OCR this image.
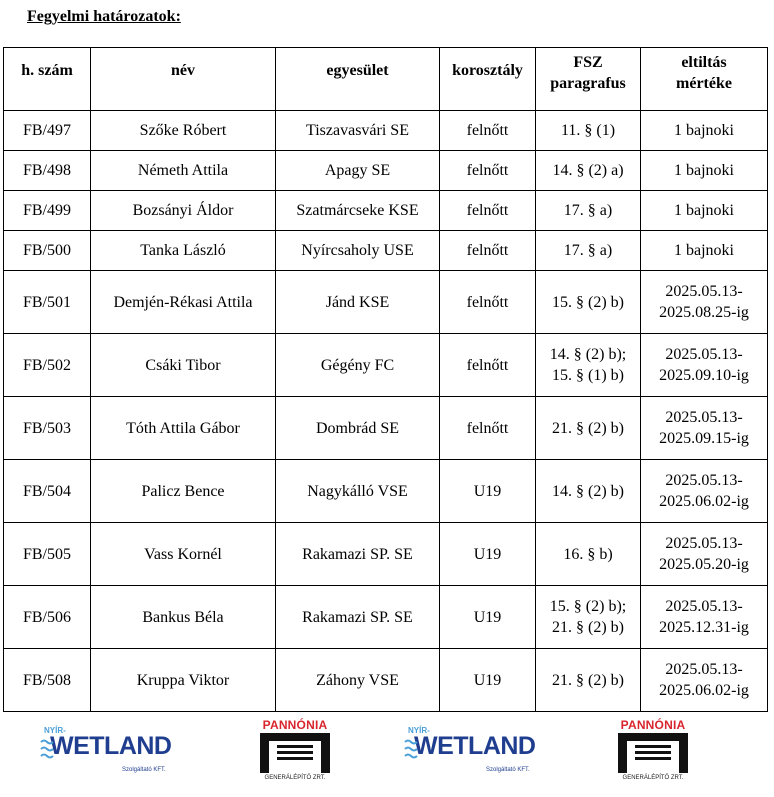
Fegyelmi határozatok:
h. szám	név	egyesület	korosztály	FSZ
paragrafus	eltiltás
mértéke
FB/497	Szőke Róbert	Tiszavasvári SE	felnőtt	11. § (1)	1 bajnoki
FB/498	Németh Attila	Apagy SE	felnőtt	14. § (2) a)	1 bajnoki
FB/499	Bozsányi Áldor	Szatmárcseke KSE	felnőtt	17. § a)	1 bajnoki
FB/500	Tanka László	Nyírcsaholy USE	felnőtt	17. § a)	1 bajnoki
FB/501	Demjén-Rékasi Attila	Jánd KSE	felnőtt	15. § (2) b)	2025.05.13-
2025.08.25-ig
FB/502	Csáki Tibor	Gégény FC	felnőtt	14. § (2) b);
15. § (1) b)	2025.05.13-
2025.09.10-ig
FB/503	Tóth Attila Gábor	Dombrád SE	felnőtt	21. § (2) b)	2025.05.13-
2025.09.15-ig
FB/504	Palicz Bence	Nagykálló VSE	U19	14. § (2) b)	2025.05.13-
2025.06.02-ig
FB/505	Vass Kornél	Rakamazi SP. SE	U19	16. § b)	2025.05.13-
2025.05.20-ig
FB/506	Bankus Béla	Rakamazi SP. SE	U19	15. § (2) b);
21. § (2) b)	2025.05.13-
2025.12.31-ig
FB/508	Kruppa Viktor	Záhony VSE	U19	21. § (2) b)	2025.05.13-
2025.06.02-ig
NYÍR-
WETLAND
Szolgáltató KFT.
PANNÓNIA
GENERÁLÉPÍTŐ ZRT.
NYÍR-
WETLAND
Szolgáltató KFT.
PANNÓNIA
GENERÁLÉPÍTŐ ZRT.
